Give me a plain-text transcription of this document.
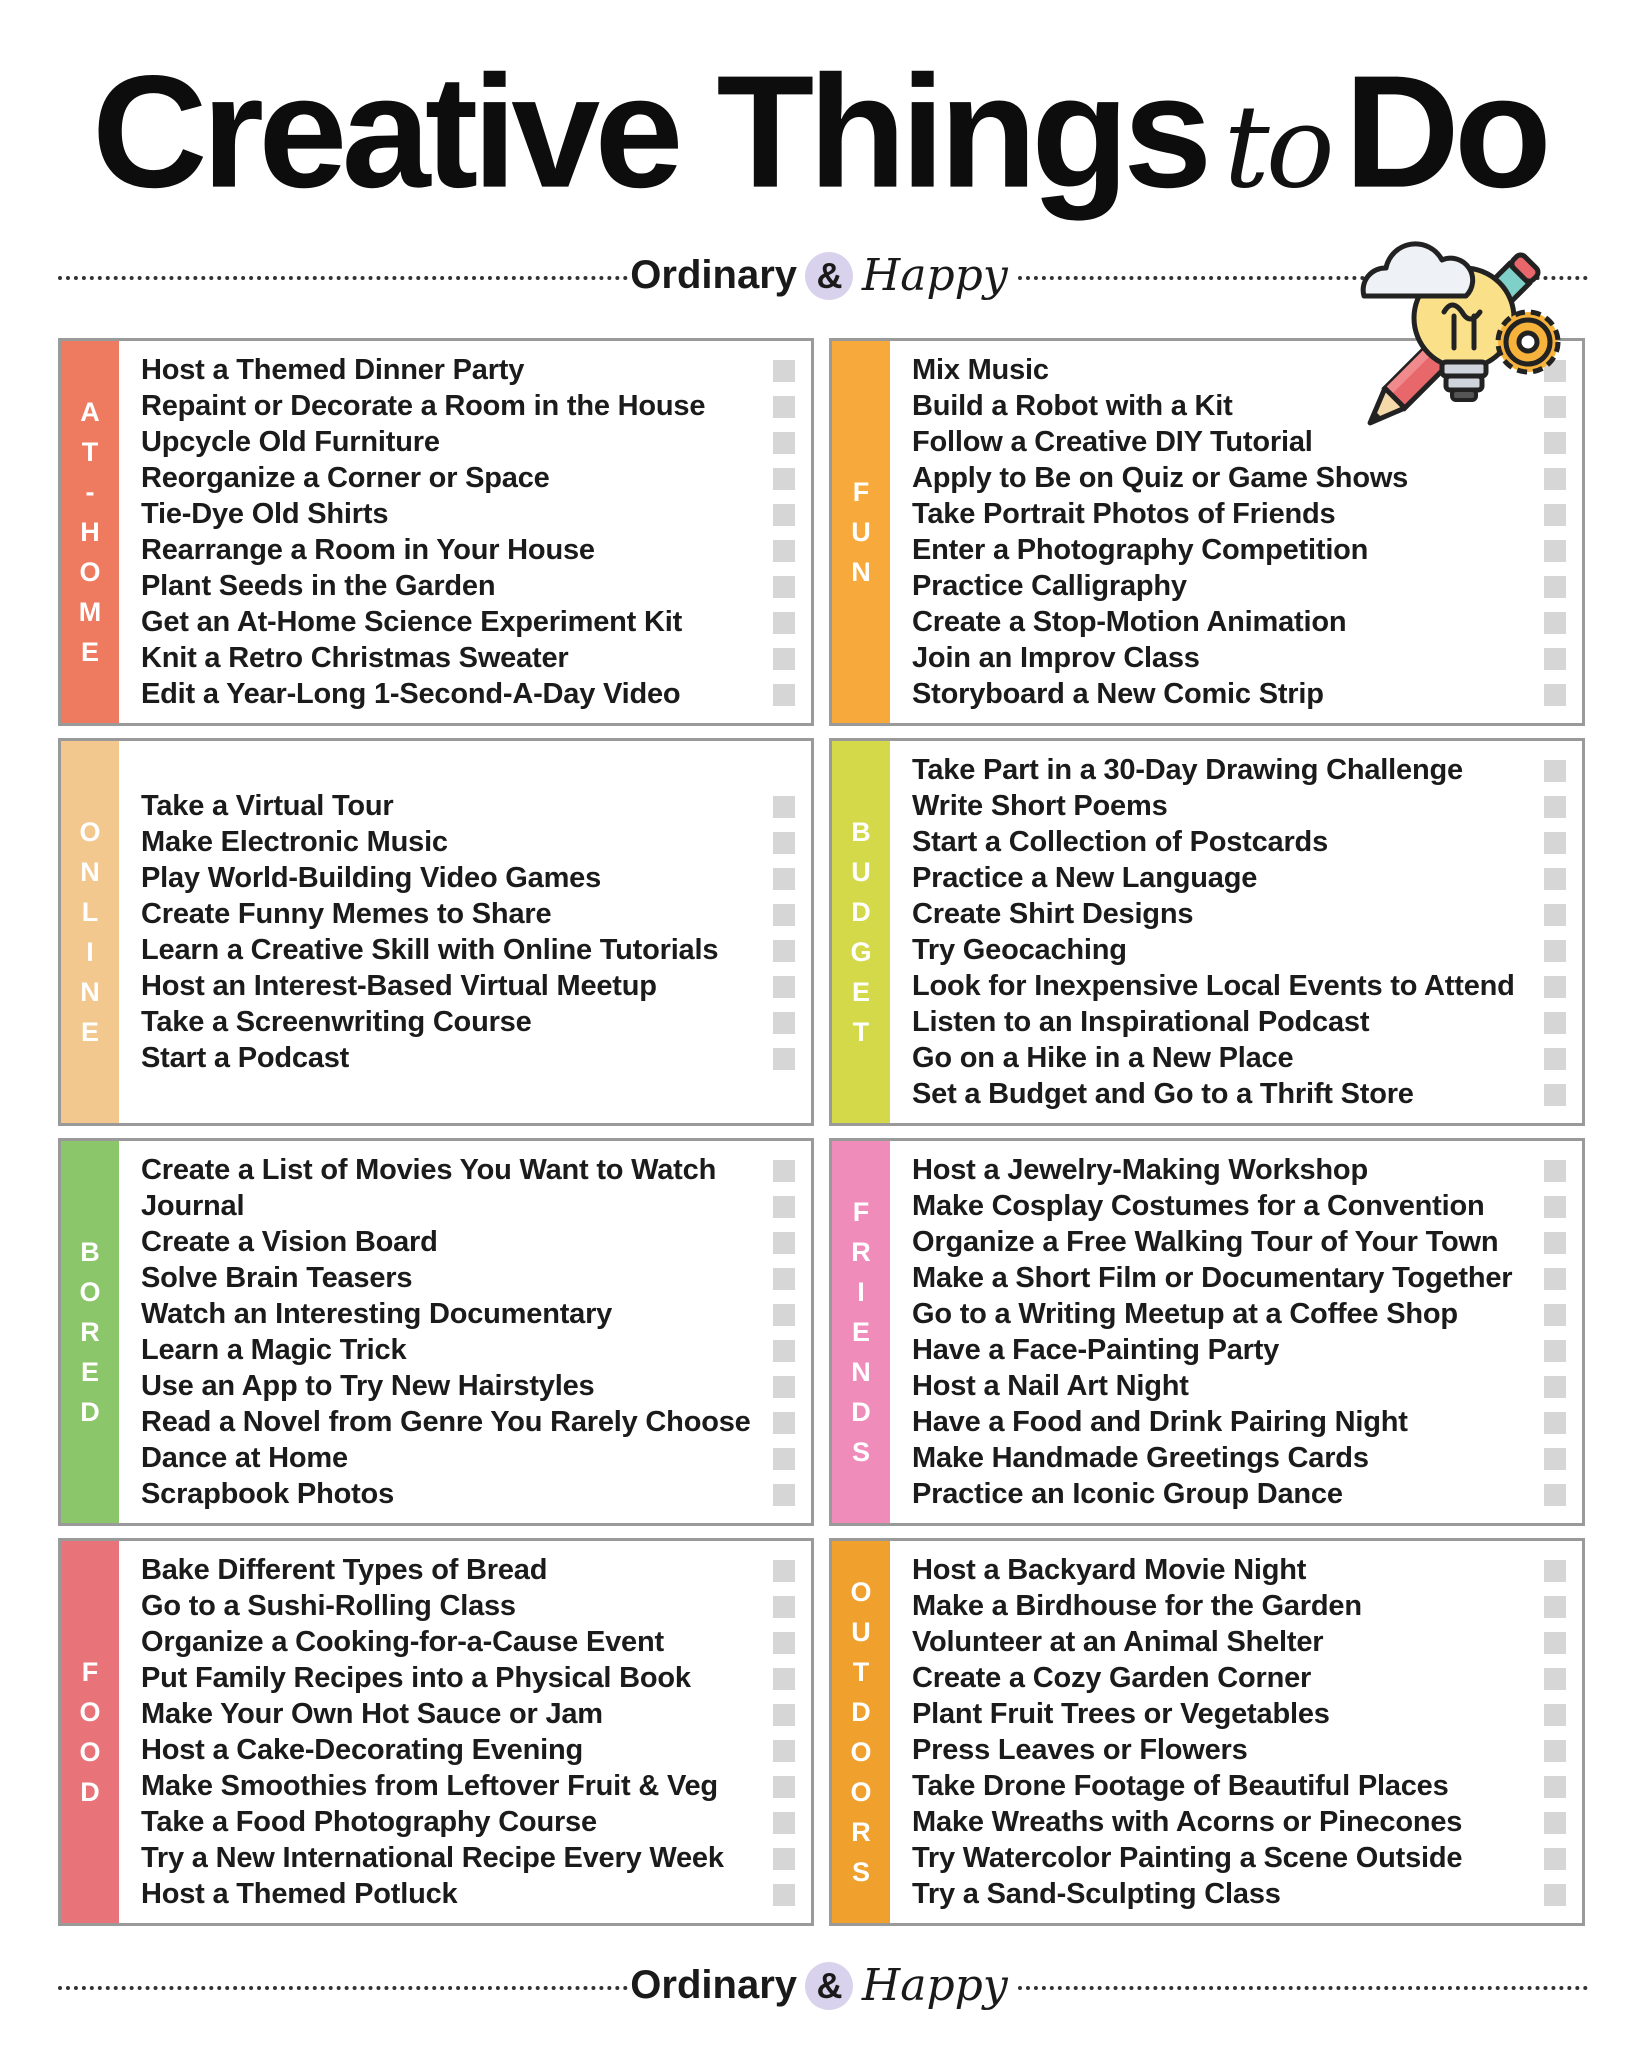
Creative Things toDo
Ordinary & Happy
A
T
-
H
O
M
E
Host a Themed Dinner Party
Repaint or Decorate a Room in the House
Upcycle Old Furniture
Reorganize a Corner or Space
Tie-Dye Old Shirts
Rearrange a Room in Your House
Plant Seeds in the Garden
Get an At-Home Science Experiment Kit
Knit a Retro Christmas Sweater
Edit a Year-Long 1-Second-A-Day Video
F
U
N
Mix Music
Build a Robot with a Kit
Follow a Creative DIY Tutorial
Apply to Be on Quiz or Game Shows
Take Portrait Photos of Friends
Enter a Photography Competition
Practice Calligraphy
Create a Stop-Motion Animation
Join an Improv Class
Storyboard a New Comic Strip
O
N
L
I
N
E
Take a Virtual Tour
Make Electronic Music
Play World-Building Video Games
Create Funny Memes to Share
Learn a Creative Skill with Online Tutorials
Host an Interest-Based Virtual Meetup
Take a Screenwriting Course
Start a Podcast
B
U
D
G
E
T
Take Part in a 30-Day Drawing Challenge
Write Short Poems
Start a Collection of Postcards
Practice a New Language
Create Shirt Designs
Try Geocaching
Look for Inexpensive Local Events to Attend
Listen to an Inspirational Podcast
Go on a Hike in a New Place
Set a Budget and Go to a Thrift Store
B
O
R
E
D
Create a List of Movies You Want to Watch
Journal
Create a Vision Board
Solve Brain Teasers
Watch an Interesting Documentary
Learn a Magic Trick
Use an App to Try New Hairstyles
Read a Novel from Genre You Rarely Choose
Dance at Home
Scrapbook Photos
F
R
I
E
N
D
S
Host a Jewelry-Making Workshop
Make Cosplay Costumes for a Convention
Organize a Free Walking Tour of Your Town
Make a Short Film or Documentary Together
Go to a Writing Meetup at a Coffee Shop
Have a Face-Painting Party
Host a Nail Art Night
Have a Food and Drink Pairing Night
Make Handmade Greetings Cards
Practice an Iconic Group Dance
F
O
O
D
Bake Different Types of Bread
Go to a Sushi-Rolling Class
Organize a Cooking-for-a-Cause Event
Put Family Recipes into a Physical Book
Make Your Own Hot Sauce or Jam
Host a Cake-Decorating Evening
Make Smoothies from Leftover Fruit & Veg
Take a Food Photography Course
Try a New International Recipe Every Week
Host a Themed Potluck
O
U
T
D
O
O
R
S
Host a Backyard Movie Night
Make a Birdhouse for the Garden
Volunteer at an Animal Shelter
Create a Cozy Garden Corner
Plant Fruit Trees or Vegetables
Press Leaves or Flowers
Take Drone Footage of Beautiful Places
Make Wreaths with Acorns or Pinecones
Try Watercolor Painting a Scene Outside
Try a Sand-Sculpting Class
Ordinary & Happy
